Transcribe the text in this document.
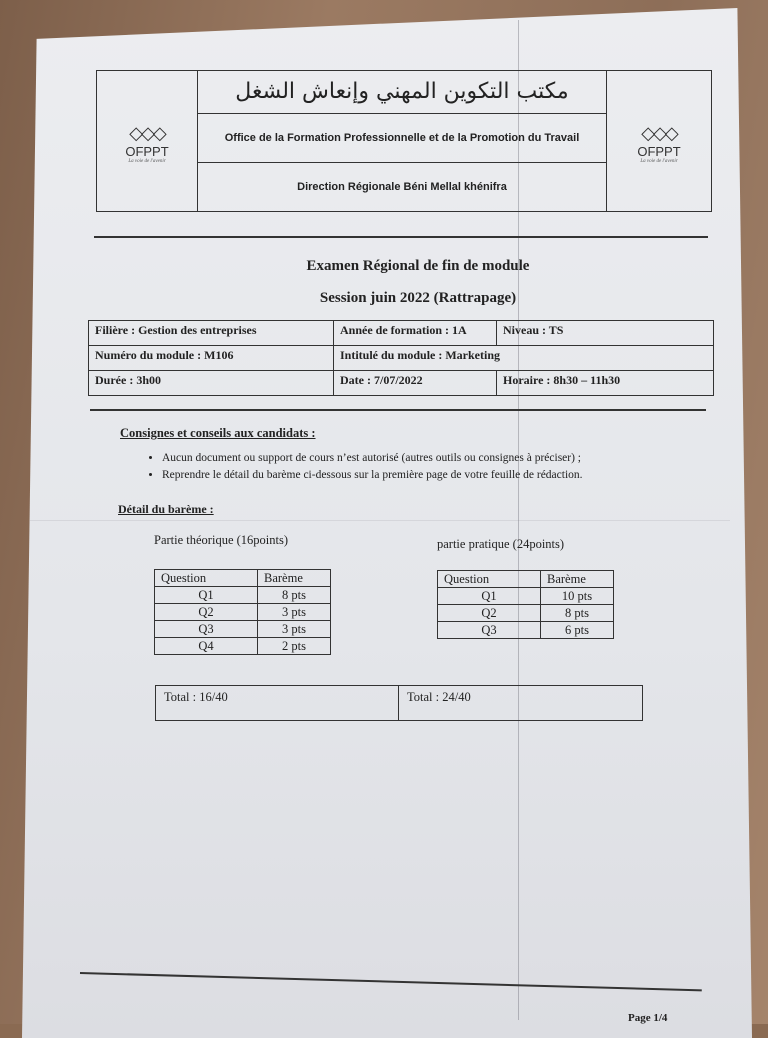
◇◇◇
OFPPT
La voie de l'avenir
مكتب التكوين المهني وإنعاش الشغل
Office de la Formation Professionnelle et de la Promotion du Travail
Direction Régionale Béni Mellal khénifra
◇◇◇
OFPPT
La voie de l'avenir
Examen Régional de fin de module
Session juin 2022 (Rattrapage)
Filière : Gestion des entreprises	Année de formation : 1A	Niveau : TS
Numéro du module : M106	Intitulé du module : Marketing	
Durée : 3h00	Date : 7/07/2022	Horaire : 8h30 – 11h30
Consignes et conseils aux candidats :
• Aucun document ou support de cours n’est autorisé (autres outils ou consignes à préciser) ;
• Reprendre le détail du barème ci-dessous sur la première page de votre feuille de rédaction.
Détail du barème :
Partie théorique (16points)	partie pratique (24points)
Question	Barème
Q1	8 pts
Q2	3 pts
Q3	3 pts
Q4	2 pts
Question	Barème
Q1	10 pts
Q2	8 pts
Q3	6 pts
Total : 16/40	Total : 24/40
Page 1/4
